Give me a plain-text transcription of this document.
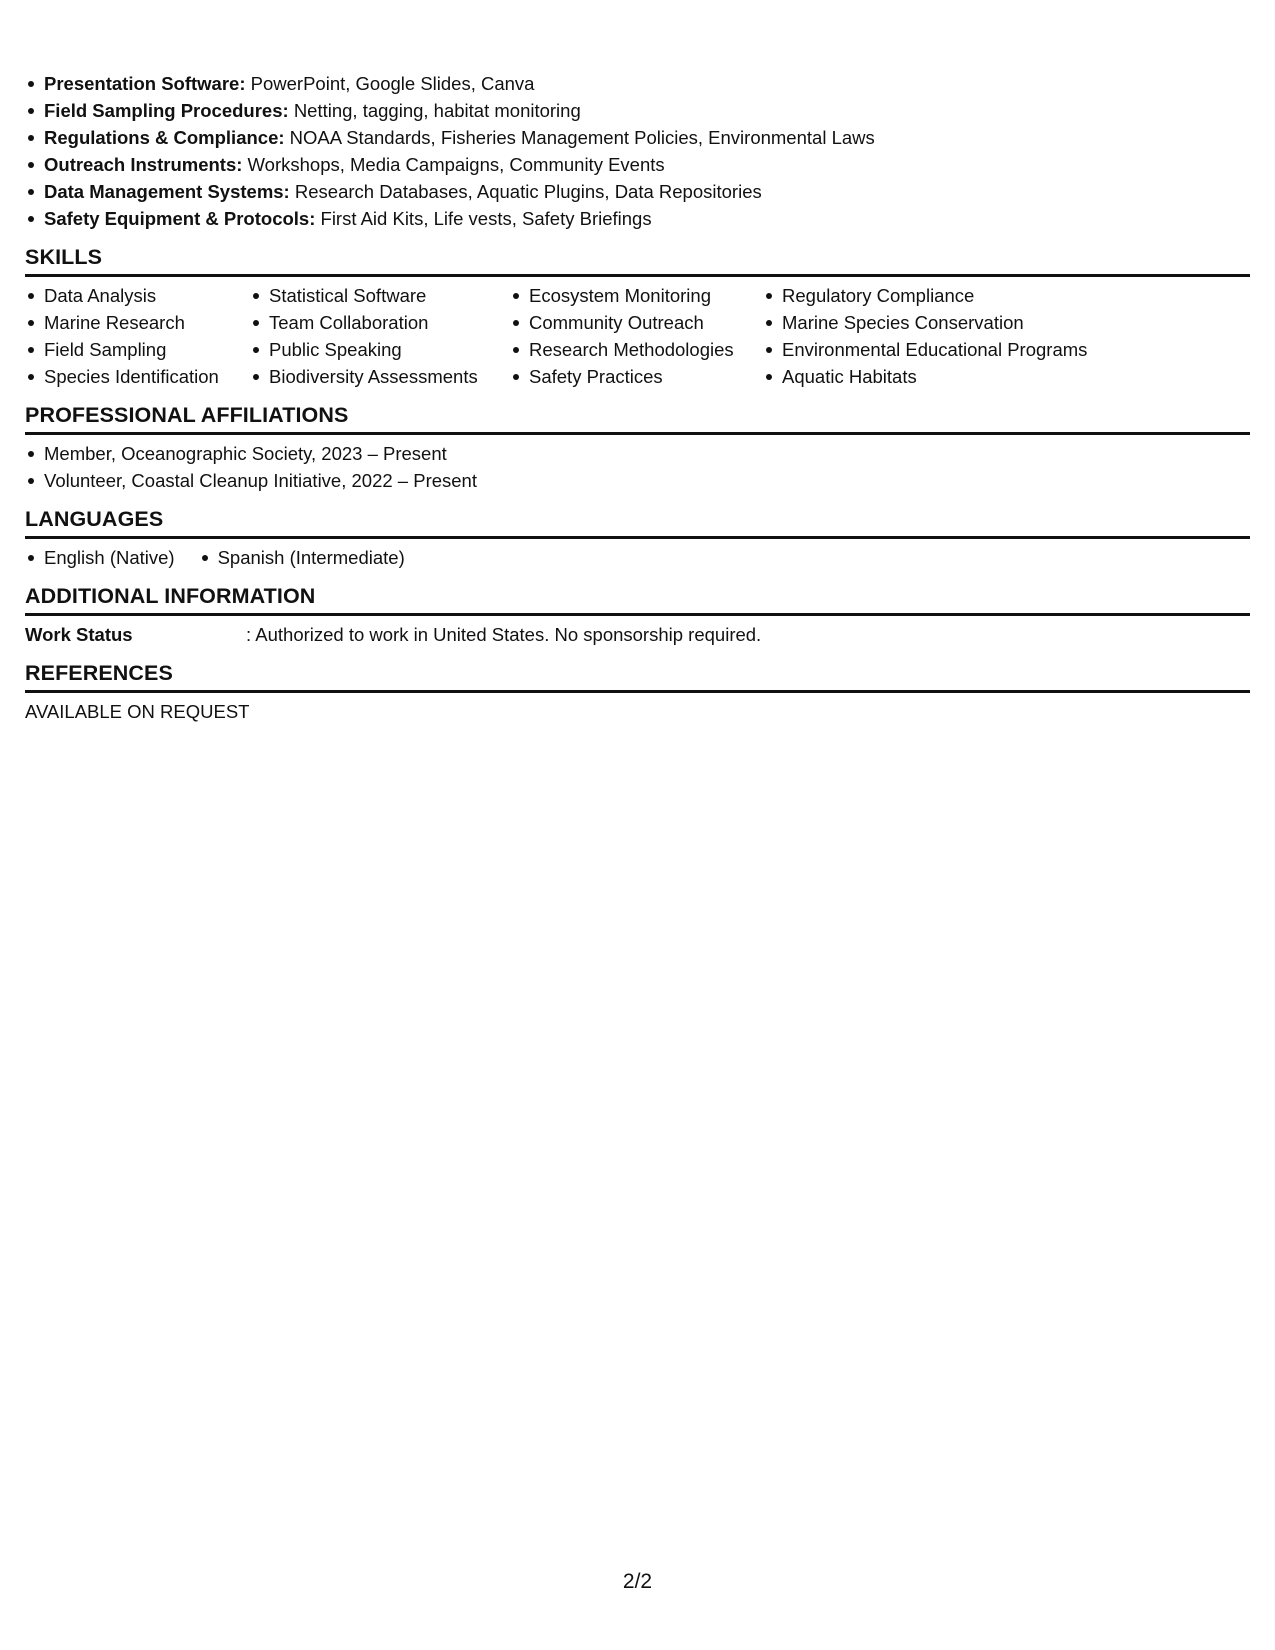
Presentation Software: PowerPoint, Google Slides, Canva
Field Sampling Procedures: Netting, tagging, habitat monitoring
Regulations & Compliance: NOAA Standards, Fisheries Management Policies, Environmental Laws
Outreach Instruments: Workshops, Media Campaigns, Community Events
Data Management Systems: Research Databases, Aquatic Plugins, Data Repositories
Safety Equipment & Protocols: First Aid Kits, Life vests, Safety Briefings
SKILLS
Data Analysis
Marine Research
Field Sampling
Species Identification
Statistical Software
Team Collaboration
Public Speaking
Biodiversity Assessments
Ecosystem Monitoring
Community Outreach
Research Methodologies
Safety Practices
Regulatory Compliance
Marine Species Conservation
Environmental Educational Programs
Aquatic Habitats
PROFESSIONAL AFFILIATIONS
Member, Oceanographic Society, 2023 – Present
Volunteer, Coastal Cleanup Initiative, 2022 – Present
LANGUAGES
English (Native)	Spanish (Intermediate)
ADDITIONAL INFORMATION
Work Status	: Authorized to work in United States. No sponsorship required.
REFERENCES
AVAILABLE ON REQUEST
2/2
